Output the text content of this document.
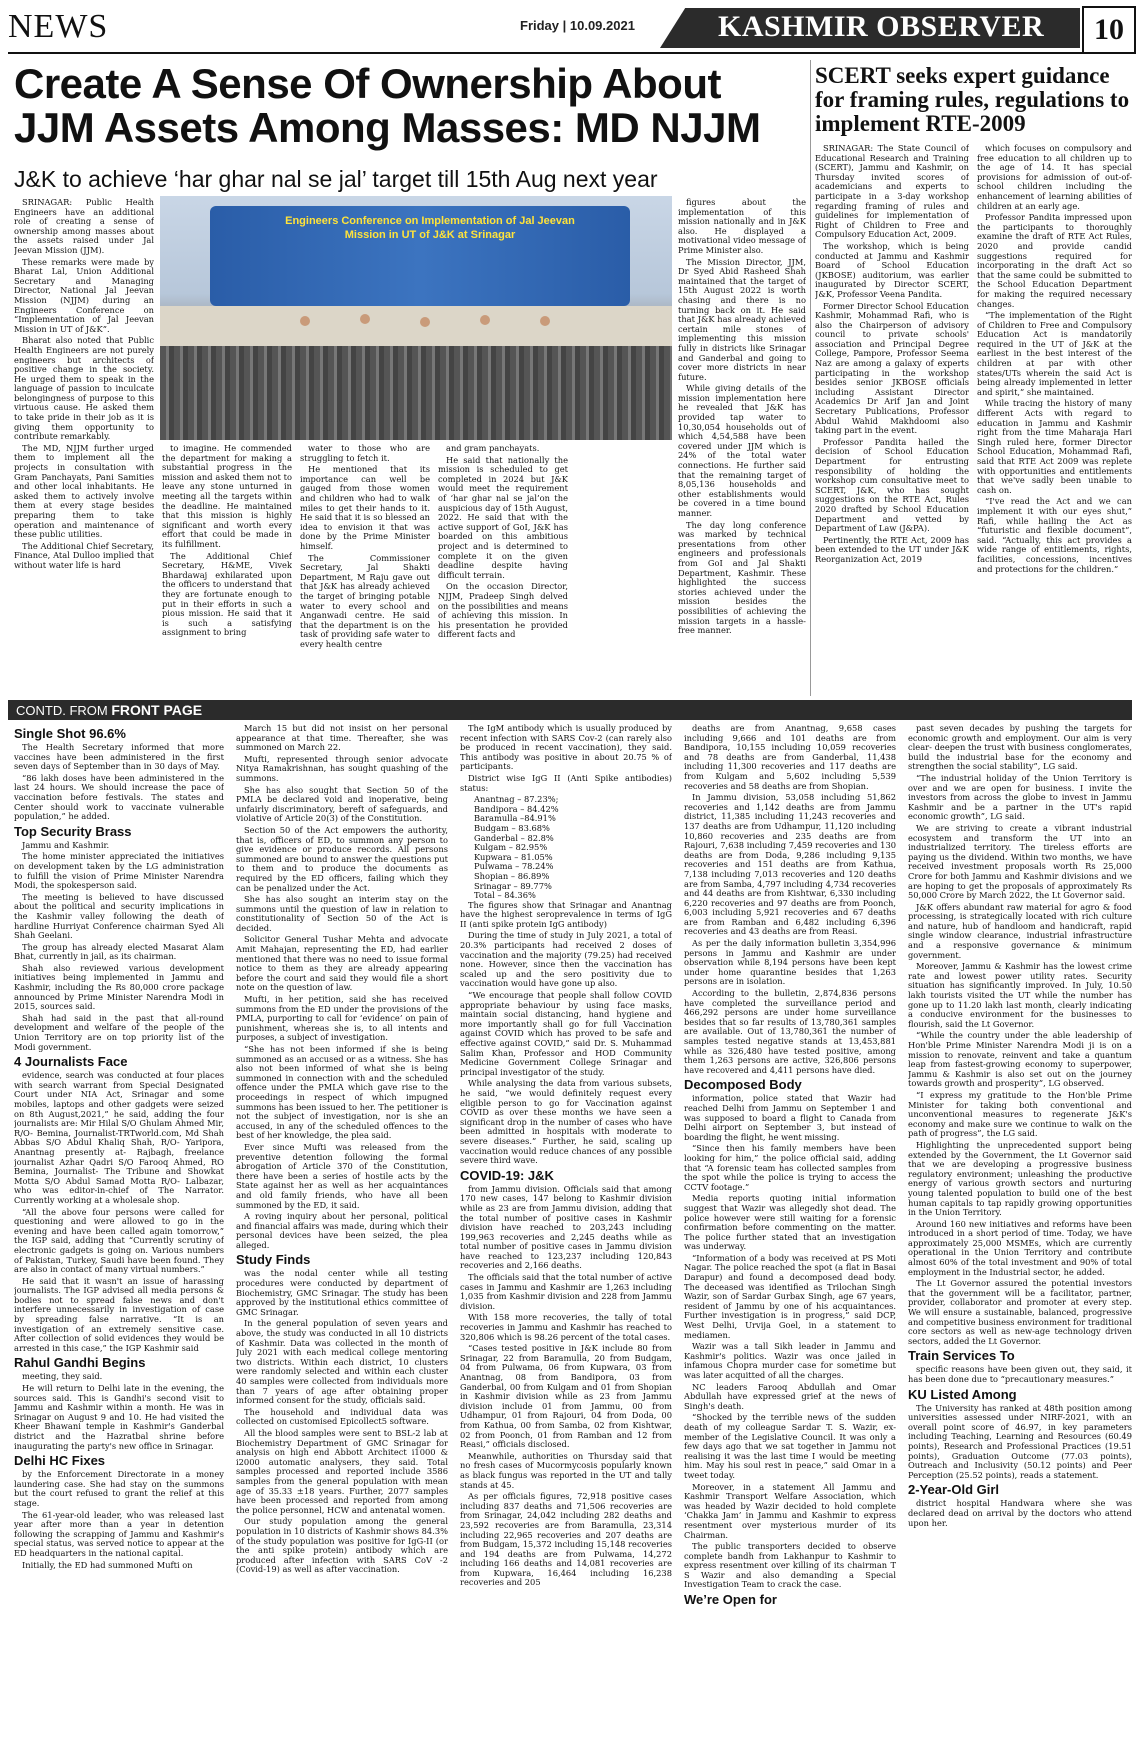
NEWS	Friday | 10.09.2021	KASHMIR OBSERVER	10
Create A Sense Of Ownership About JJM Assets Among Masses: MD NJJM
J&K to achieve ‘har ghar nal se jal’ target till 15th Aug next year
Engineers Conference on Implementation of Jal Jeevan Mission in UT of J&K at Srinagar

SRINAGAR: Public Health Engineers have an additional role of creating a sense of ownership among masses about the assets raised under Jal Jeevan Mission (JJM).

These remarks were made by Bharat Lal, Union Additional Secretary and Managing Director, National Jal Jeevan Mission (NJJM) during an Engineers Conference on “Implementation of Jal Jeevan Mission in UT of J&K”.

Bharat also noted that Public Health Engineers are not purely engineers but architects of positive change in the society. He urged them to speak in the language of passion to inculcate belongingness of purpose to this virtuous cause. He asked them to take pride in their job as it is giving them opportunity to contribute remarkably.

The MD, NJJM further urged them to implement all the projects in consultation with Gram Panchayats, Pani Samities and other local inhabitants. He asked them to actively involve them at every stage besides preparing them to take operation and maintenance of these public utilities.

The Additional Chief Secretary, Finance, Atal Dulloo implied that without water life is hard

to imagine. He commended the department for making a substantial progress in the mission and asked them not to leave any stone unturned in meeting all the targets within the deadline. He maintained that this mission is highly significant and worth every effort that could be made in its fulfillment.

The Additional Chief Secretary, H&ME, Vivek Bhardawaj exhilarated upon the officers to understand that they are fortunate enough to put in their efforts in such a pious mission. He said that it is such a satisfying assignment to bring

water to those who are struggling to fetch it.

He mentioned that its importance can well be gauged from those women and children who had to walk miles to get their hands to it. He said that it is so blessed an idea to envision it that was done by the Prime Minister himself.

The Commissioner Secretary, Jal Shakti Department, M Raju gave out that J&K has already achieved the target of bringing potable water to every school and Anganwadi centre. He said that the department is on the task of providing safe water to every health centre

and gram panchayats.

He said that nationally the mission is scheduled to get completed in 2024 but J&K would meet the requirement of ‘har ghar nal se jal’on the auspicious day of 15th August, 2022. He said that with the active support of GoI, J&K has boarded on this ambitious project and is determined to complete it on the given deadline despite having difficult terrain.

On the occasion Director, NJJM, Pradeep Singh delved on the possibilities and means of achieving this mission. In his presentation he provided different facts and

figures about the implementation of this mission nationally and in J&K also. He displayed a motivational video message of Prime Minister also.

The Mission Director, JJM, Dr Syed Abid Rasheed Shah maintained that the target of 15th August 2022 is worth chasing and there is no turning back on it. He said that J&K has already achieved certain mile stones of implementing this mission fully in districts like Srinagar and Ganderbal and going to cover more districts in near future.

While giving details of the mission implementation here he revealed that J&K has provided tap water to 10,30,054 households out of which 4,54,588 have been covered under JJM which is 24% of the total water connections. He further said that the remaining target of 8,05,136 households and other establishments would be covered in a time bound manner.

The day long conference was marked by technical presentations from other engineers and professionals from GoI and Jal Shakti Department, Kashmir. These highlighted the success stories achieved under the mission besides the possibilities of achieving the mission targets in a hassle-free manner.

SCERT seeks expert guidance for framing rules, regulations to implement RTE-2009

SRINAGAR: The State Council of Educational Research and Training (SCERT), Jammu and Kashmir, on Thursday invited scores of academicians and experts to participate in a 3-day workshop regarding framing of rules and guidelines for implementation of Right of Children to Free and Compulsory Education Act, 2009.

The workshop, which is being conducted at Jammu and Kashmir Board of School Education (JKBOSE) auditorium, was earlier inaugurated by Director SCERT, J&K, Professor Veena Pandita.

Former Director School Education Kashmir, Mohammad Rafi, who is also the Chairperson of advisory council to private schools' association and Principal Degree College, Pampore, Professor Seema Naz are among a galaxy of experts participating in the workshop besides senior JKBOSE officials including Assistant Director Academics Dr Arif Jan and Joint Secretary Publications, Professor Abdul Wahid Makhdoomi also taking part in the event.

Professor Pandita hailed the decision of School Education Department for entrusting responsibility of holding the workshop cum consultative meet to SCERT, J&K, who has sought suggestions on the RTE Act, Rules 2020 drafted by School Education Department and vetted by Department of Law (J&PA).

Pertinently, the RTE Act, 2009 has been extended to the UT under J&K Reorganization Act, 2019

which focuses on compulsory and free education to all children up to the age of 14. It has special provisions for admission of out-of-school children including the enhancement of learning abilities of children at an early age.

Professor Pandita impressed upon the participants to thoroughly examine the draft of RTE Act Rules, 2020 and provide candid suggestions required for incorporating in the draft Act so that the same could be submitted to the School Education Department for making the required necessary changes.

“The implementation of the Right of Children to Free and Compulsory Education Act is mandatorily required in the UT of J&K at the earliest in the best interest of the children at par with other states/UTs wherein the said Act is being already implemented in letter and spirit,” she maintained.

While tracing the history of many different Acts with regard to education in Jammu and Kashmir right from the time Maharaja Hari Singh ruled here, former Director School Education, Mohammad Rafi, said that RTE Act 2009 was replete with opportunities and entitlements that we've sadly been unable to cash on.

“I've read the Act and we can implement it with our eyes shut,” Rafi, while hailing the Act as “futuristic and flexible document”, said. “Actually, this act provides a wide range of entitlements, rights, facilities, concessions, incentives and protections for the children.”

CONTD. FROM FRONT PAGE
Single Shot 96.6%

The Health Secretary informed that more vaccines have been administered in the first seven days of September than in 30 days of May.

“86 lakh doses have been administered in the last 24 hours. We should increase the pace of vaccination before festivals. The states and Center should work to vaccinate vulnerable population,” he added.

Top Security Brass

Jammu and Kashmir.

The home minister appreciated the initiatives on development taken by the LG administration to fulfill the vision of Prime Minister Narendra Modi, the spokesperson said.

The meeting is believed to have discussed about the political and security implications in the Kashmir valley following the death of hardline Hurriyat Conference chairman Syed Ali Shah Geelani.

The group has already elected Masarat Alam Bhat, currently in jail, as its chairman.

Shah also reviewed various development initiatives being implemented in Jammu and Kashmir, including the Rs 80,000 crore package announced by Prime Minister Narendra Modi in 2015, sources said.

Shah had said in the past that all-round development and welfare of the people of the Union Territory are on top priority list of the Modi government.

4 Journalists Face

evidence, search was conducted at four places with search warrant from Special Designated Court under NIA Act, Srinagar and some mobiles, laptops and other gadgets were seized on 8th August,2021,” he said, adding the four journalists are: Mir Hilal S/O Ghulam Ahmed Mir, R/O- Bemina, Journalist-TRTworld.com, Md Shah Abbas S/O Abdul Khaliq Shah, R/O- Yaripora, Anantnag presently at- Rajbagh, freelance journalist Azhar Qadri S/O Farooq Ahmed, RO Bemina, Journalist- The Tribune and Showkat Motta S/O Abdul Samad Motta R/O- Lalbazar, who was editor-in-chief of The Narrator. Currently working at a wholesale shop.

“All the above four persons were called for questioning and were allowed to go in the evening and have been called again tomorrow,” the IGP said, adding that “Currently scrutiny of electronic gadgets is going on. Various numbers of Pakistan, Turkey, Saudi have been found. They are also in contact of many virtual numbers.”

He said that it wasn't an issue of harassing journalists. The IGP advised all media persons & bodies not to spread false news and don't interfere unnecessarily in investigation of case by spreading false narrative. “It is an investigation of an extremely sensitive case. After collection of solid evidences they would be arrested in this case,” the IGP Kashmir said

Rahul Gandhi Begins

meeting, they said.

He will return to Delhi late in the evening, the sources said. This is Gandhi's second visit to Jammu and Kashmir within a month. He was in Srinagar on August 9 and 10. He had visited the Kheer Bhawani temple in Kashmir's Ganderbal district and the Hazratbal shrine before inaugurating the party's new office in Srinagar.

Delhi HC Fixes

by the Enforcement Directorate in a money laundering case. She had stay on the summons but the court refused to grant the relief at this stage.

The 61-year-old leader, who was released last year after more than a year in detention following the scrapping of Jammu and Kashmir's special status, was served notice to appear at the ED headquarters in the national capital.

Initially, the ED had summoned Mufti on

March 15 but did not insist on her personal appearance at that time. Thereafter, she was summoned on March 22.

Mufti, represented through senior advocate Nitya Ramakrishnan, has sought quashing of the summons.

She has also sought that Section 50 of the PMLA be declared void and inoperative, being unfairly discriminatory, bereft of safeguards, and violative of Article 20(3) of the Constitution.

Section 50 of the Act empowers the authority, that is, officers of ED, to summon any person to give evidence or produce records. All persons summoned are bound to answer the questions put to them and to produce the documents as required by the ED officers, failing which they can be penalized under the Act.

She has also sought an interim stay on the summons until the question of law in relation to constitutionality of Section 50 of the Act is decided.

Solicitor General Tushar Mehta and advocate Amit Mahajan, representing the ED, had earlier mentioned that there was no need to issue formal notice to them as they are already appearing before the court and said they would file a short note on the question of law.

Mufti, in her petition, said she has received summons from the ED under the provisions of the PMLA, purporting to call for ‘evidence’ on pain of punishment, whereas she is, to all intents and purposes, a subject of investigation.

“She has not been informed if she is being summoned as an accused or as a witness. She has also not been informed of what she is being summoned in connection with and the scheduled offence under the PMLA which gave rise to the proceedings in respect of which impugned summons has been issued to her. The petitioner is not the subject of investigation, nor is she an accused, in any of the scheduled offences to the best of her knowledge, the plea said.

Ever since Mufti was released from the preventive detention following the formal abrogation of Article 370 of the Constitution, there have been a series of hostile acts by the State against her as well as her acquaintances and old family friends, who have all been summoned by the ED, it said.

A roving inquiry about her personal, political and financial affairs was made, during which their personal devices have been seized, the plea alleged.

Study Finds

was the nodal center while all testing procedures were conducted by department of Biochemistry, GMC Srinagar. The study has been approved by the institutional ethics committee of GMC Srinagar.

In the general population of seven years and above, the study was conducted in all 10 districts of Kashmir. Data was collected in the month of July 2021 with each medical college mentoring two districts. Within each district, 10 clusters were randomly selected and within each cluster 40 samples were collected from individuals more than 7 years of age after obtaining proper informed consent for the study, officials said.

The household and individual data was collected on customised Epicollect5 software.

All the blood samples were sent to BSL-2 lab at Biochemistry Department of GMC Srinagar for analysis on high end Abbott Architect i1000 & i2000 automatic analysers, they said. Total samples processed and reported include 3586 samples from the general population with mean age of 35.33 ±18 years. Further, 2077 samples have been processed and reported from among the police personnel, HCW and antenatal women.

Our study population among the general population in 10 districts of Kashmir shows 84.3% of the study population was positive for IgG-II (or the anti spike protein) antibody which are produced after infection with SARS CoV -2 (Covid-19) as well as after vaccination.

The IgM antibody which is usually produced by recent infection with SARS Cov-2 (can rarely also be produced in recent vaccination), they said. This antibody was positive in about 20.75 % of participants.

District wise IgG II (Anti Spike antibodies) status:

Anantnag – 87.23%;
Bandipora – 84.42%
Baramulla –84.91%
Budgam – 83.68%
Ganderbal – 82.8%
Kulgam – 82.95%
Kupwara – 81.05%
Pulwama – 78.24%
Shopian – 86.89%
Srinagar – 89.77%
Total – 84.36%

The figures show that Srinagar and Anantnag have the highest seroprevalence in terms of IgG II (anti spike protein IgG antibody)

During the time of study in July 2021, a total of 20.3% participants had received 2 doses of vaccination and the majority (79.25) had received none. However, since then the vaccination has scaled up and the sero positivity due to vaccination would have gone up also.

“We encourage that people shall follow COVID appropriate behaviour by using face masks, maintain social distancing, hand hygiene and more importantly shall go for full Vaccination against COVID which has proved to be safe and effective against COVID,” said Dr. S. Muhammad Salim Khan, Professor and HOD Community Medicine Government College Srinagar and principal investigator of the study.

While analysing the data from various subsets, he said, “we would definitely request every eligible person to go for Vaccination against COVID as over these months we have seen a significant drop in the number of cases who have been admitted in hospitals with moderate to severe diseases.” Further, he said, scaling up vaccination would reduce chances of any possible severe third wave.

COVID-19: J&K

from Jammu division. Officials said that among 170 new cases, 147 belong to Kashmir division while as 23 are from Jammu division, adding that the total number of positive cases in Kashmir division have reached to 203,243 including 199,963 recoveries and 2,245 deaths while as total number of positive cases in Jammu division have reached to 123,237 including 120,843 recoveries and 2,166 deaths.

The officials said that the total number of active cases in Jammu and Kashmir are 1,263 including 1,035 from Kashmir division and 228 from Jammu division.

With 158 more recoveries, the tally of total recoveries in Jammu and Kashmir has reached to 320,806 which is 98.26 percent of the total cases.

“Cases tested positive in J&K include 80 from Srinagar, 22 from Baramulla, 20 from Budgam, 04 from Pulwama, 06 from Kupwara, 03 from Anantnag, 08 from Bandipora, 03 from Ganderbal, 00 from Kulgam and 01 from Shopian in Kashmir division while as 23 from Jammu division include 01 from Jammu, 00 from Udhampur, 01 from Rajouri, 04 from Doda, 00 from Kathua, 00 from Samba, 02 from Kishtwar, 02 from Poonch, 01 from Ramban and 12 from Reasi,” officials disclosed.

Meanwhile, authorities on Thursday said that no fresh cases of Mucormycosis popularly known as black fungus was reported in the UT and tally stands at 45.

As per officials figures, 72,918 positive cases including 837 deaths and 71,506 recoveries are from Srinagar, 24,042 including 282 deaths and 23,592 recoveries are from Baramulla, 23,314 including 22,965 recoveries and 207 deaths are from Budgam, 15,372 including 15,148 recoveries and 194 deaths are from Pulwama, 14,272 including 166 deaths and 14,081 recoveries are from Kupwara, 16,464 including 16,238 recoveries and 205

deaths are from Anantnag, 9,658 cases including 9,666 and 101 deaths are from Bandipora, 10,155 including 10,059 recoveries and 78 deaths are from Ganderbal, 11,438 including 11,300 recoveries and 117 deaths are from Kulgam and 5,602 including 5,539 recoveries and 58 deaths are from Shopian.

In Jammu division, 53,058 including 51,862 recoveries and 1,142 deaths are from Jammu district, 11,385 including 11,243 recoveries and 137 deaths are from Udhampur, 11,120 including 10,860 recoveries and 235 deaths are from Rajouri, 7,638 including 7,459 recoveries and 130 deaths are from Doda, 9,286 including 9,135 recoveries and 151 deaths are from Kathua, 7,138 including 7,013 recoveries and 120 deaths are from Samba, 4,797 including 4,734 recoveries and 44 deaths are from Kishtwar, 6,330 including 6,220 recoveries and 97 deaths are from Poonch, 6,003 including 5,921 recoveries and 67 deaths are from Ramban and 6,482 including 6,396 recoveries and 43 deaths are from Reasi.

As per the daily information bulletin 3,354,996 persons in Jammu and Kashmir are under observation while 8,194 persons have been kept under home quarantine besides that 1,263 persons are in isolation.

According to the bulletin, 2,874,836 persons have completed the surveillance period and 466,292 persons are under home surveillance besides that so far results of 13,780,361 samples are available. Out of 13,780,361 the number of samples tested negative stands at 13,453,881 while as 326,480 have tested positive, among them 1,263 persons are active, 326,806 persons have recovered and 4,411 persons have died.

Decomposed Body

information, police stated that Wazir had reached Delhi from Jammu on September 1 and was supposed to board a flight to Canada from Delhi airport on September 3, but instead of boarding the flight, he went missing.

“Since then his family members have been looking for him,” the police official said, adding that “A forensic team has collected samples from the spot while the police is trying to access the CCTV footage.”

Media reports quoting initial information suggest that Wazir was allegedly shot dead. The police however were still waiting for a forensic confirmation before commenting on the matter. The police further stated that an investigation was underway.

“Information of a body was received at PS Moti Nagar. The police reached the spot (a flat in Basai Darapur) and found a decomposed dead body. The deceased was identified as Trilochan Singh Wazir, son of Sardar Gurbax Singh, age 67 years, resident of Jammu by one of his acquaintances. Further investigation is in progress,” said DCP, West Delhi, Urvija Goel, in a statement to mediamen.

Wazir was a tall Sikh leader in Jammu and Kashmir's politics. Wazir was once jailed in infamous Chopra murder case for sometime but was later acquitted of all the charges.

NC leaders Farooq Abdullah and Omar Abdullah have expressed grief at the news of Singh's death.

“Shocked by the terrible news of the sudden death of my colleague Sardar T. S. Wazir, ex-member of the Legislative Council. It was only a few days ago that we sat together in Jammu not realising it was the last time I would be meeting him. May his soul rest in peace,” said Omar in a tweet today.

Moreover, in a statement All Jammu and Kashmir Transport Welfare Association, which was headed by Wazir decided to hold complete ‘Chakka Jam’ in Jammu and Kashmir to express resentment over mysterious murder of its Chairman.

The public transporters decided to observe complete bandh from Lakhanpur to Kashmir to express resentment over killing of its chairman T S Wazir and also demanding a Special Investigation Team to crack the case.

We’re Open for

past seven decades by pushing the targets for economic growth and employment. Our aim is very clear- deepen the trust with business conglomerates, build the industrial base for the economy and strengthen the social stability”, LG said.

“The industrial holiday of the Union Territory is over and we are open for business. I invite the investors from across the globe to invest in Jammu Kashmir and be a partner in the UT's rapid economic growth”, LG said.

We are striving to create a vibrant industrial ecosystem and transform the UT into an industrialized territory. The tireless efforts are paying us the dividend. Within two months, we have received investment proposals worth Rs 25,000 Crore for both Jammu and Kashmir divisions and we are hoping to get the proposals of approximately Rs 50,000 Crore by March 2022, the Lt Governor said.

J&K offers abundant raw material for agro & food processing, is strategically located with rich culture and nature, hub of handloom and handicraft, rapid single window clearance, industrial infrastructure and a responsive governance & minimum government.

Moreover, Jammu & Kashmir has the lowest crime rate and lowest power utility rates. Security situation has significantly improved. In July, 10.50 lakh tourists visited the UT while the number has gone up to 11.20 lakh last month, clearly indicating a conducive environment for the businesses to flourish, said the Lt Governor.

“While the country under the able leadership of Hon'ble Prime Minister Narendra Modi ji is on a mission to renovate, reinvent and take a quantum leap from fastest-growing economy to superpower, Jammu & Kashmir is also set out on the journey towards growth and prosperity”, LG observed.

“I express my gratitude to the Hon'ble Prime Minister for taking both conventional and unconventional measures to regenerate J&K's economy and make sure we continue to walk on the path of progress”, the LG said.

Highlighting the unprecedented support being extended by the Government, the Lt Governor said that we are developing a progressive business regulatory environment; unleashing the productive energy of various growth sectors and nurturing young talented population to build one of the best human capitals to tap rapidly growing opportunities in the Union Territory.

Around 160 new initiatives and reforms have been introduced in a short period of time. Today, we have approximately 25,000 MSMEs, which are currently operational in the Union Territory and contribute almost 60% of the total investment and 90% of total employment in the Industrial sector, he added.

The Lt Governor assured the potential investors that the government will be a facilitator, partner, provider, collaborator and promoter at every step. We will ensure a sustainable, balanced, progressive and competitive business environment for traditional core sectors as well as new-age technology driven sectors, added the Lt Governor.

Train Services To

specific reasons have been given out, they said, it has been done due to “precautionary measures.”

KU Listed Among

The University has ranked at 48th position among universities assessed under NIRF-2021, with an overall point score of 46.97, in key parameters including Teaching, Learning and Resources (60.49 points), Research and Professional Practices (19.51 points), Graduation Outcome (77.03 points), Outreach and Inclusivity (50.12 points) and Peer Perception (25.52 points), reads a statement.

2-Year-Old Girl

district hospital Handwara where she was declared dead on arrival by the doctors who attend upon her.
